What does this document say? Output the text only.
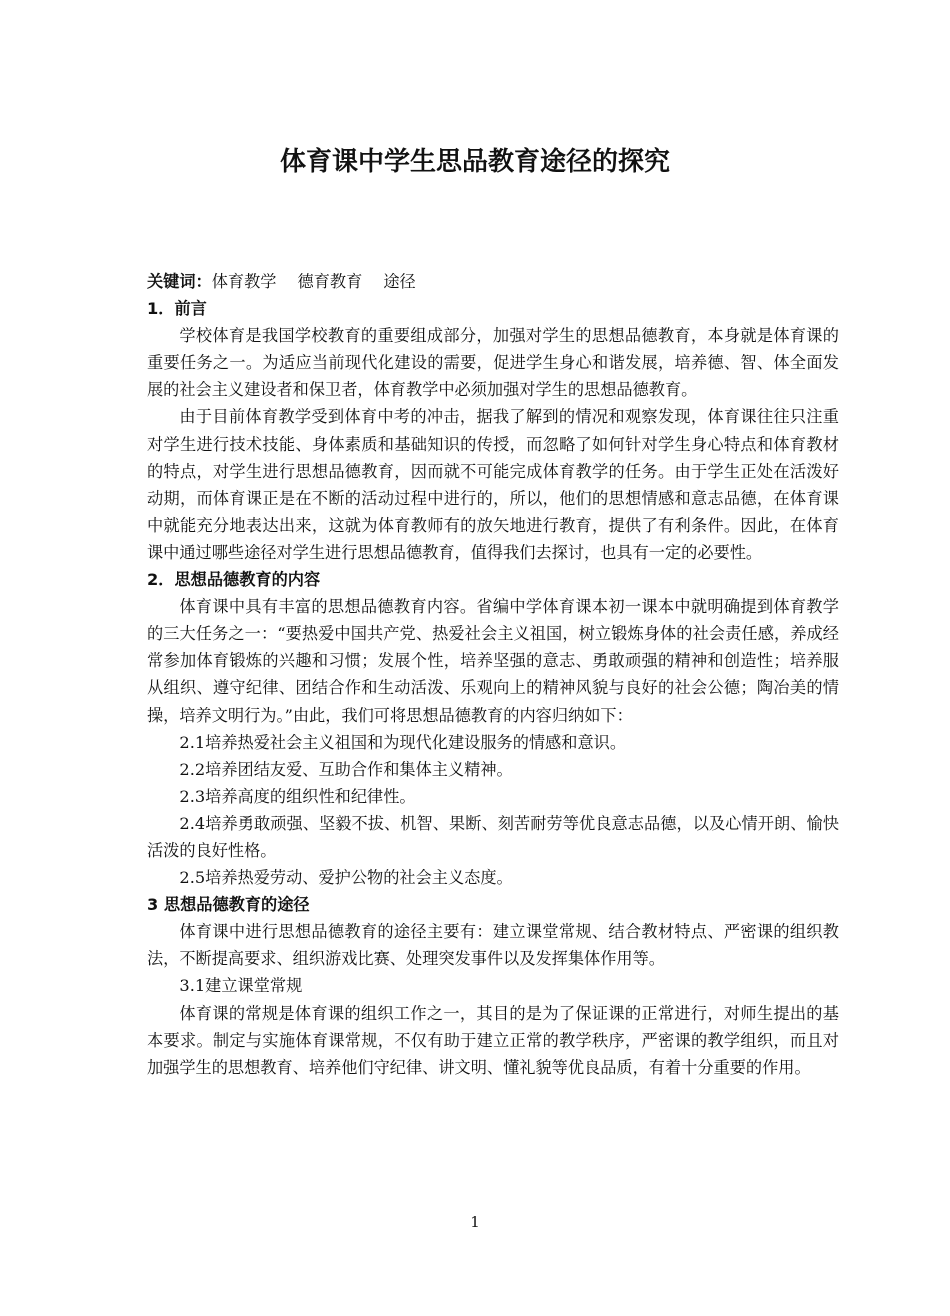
体育课中学生思品教育途径的探究

关键词：体育教学 德育教育 途径

1．前言

学校体育是我国学校教育的重要组成部分，加强对学生的思想品德教育，本身就是体育课的重要任务之一。为适应当前现代化建设的需要，促进学生身心和谐发展，培养德、智、体全面发展的社会主义建设者和保卫者，体育教学中必须加强对学生的思想品德教育。

由于目前体育教学受到体育中考的冲击，据我了解到的情况和观察发现，体育课往往只注重对学生进行技术技能、身体素质和基础知识的传授，而忽略了如何针对学生身心特点和体育教材的特点，对学生进行思想品德教育，因而就不可能完成体育教学的任务。由于学生正处在活泼好动期，而体育课正是在不断的活动过程中进行的，所以，他们的思想情感和意志品德，在体育课中就能充分地表达出来，这就为体育教师有的放矢地进行教育，提供了有利条件。因此，在体育课中通过哪些途径对学生进行思想品德教育，值得我们去探讨，也具有一定的必要性。

2．思想品德教育的内容

体育课中具有丰富的思想品德教育内容。省编中学体育课本初一课本中就明确提到体育教学的三大任务之一：“要热爱中国共产党、热爱社会主义祖国，树立锻炼身体的社会责任感，养成经常参加体育锻炼的兴趣和习惯；发展个性，培养坚强的意志、勇敢顽强的精神和创造性；培养服从组织、遵守纪律、团结合作和生动活泼、乐观向上的精神风貌与良好的社会公德；陶冶美的情操，培养文明行为。”由此，我们可将思想品德教育的内容归纳如下：

2.1培养热爱社会主义祖国和为现代化建设服务的情感和意识。

2.2培养团结友爱、互助合作和集体主义精神。

2.3培养高度的组织性和纪律性。

2.4培养勇敢顽强、坚毅不拔、机智、果断、刻苦耐劳等优良意志品德，以及心情开朗、愉快活泼的良好性格。

2.5培养热爱劳动、爱护公物的社会主义态度。

3 思想品德教育的途径

体育课中进行思想品德教育的途径主要有：建立课堂常规、结合教材特点、严密课的组织教法，不断提高要求、组织游戏比赛、处理突发事件以及发挥集体作用等。

3.1建立课堂常规

体育课的常规是体育课的组织工作之一，其目的是为了保证课的正常进行，对师生提出的基本要求。制定与实施体育课常规，不仅有助于建立正常的教学秩序，严密课的教学组织，而且对加强学生的思想教育、培养他们守纪律、讲文明、懂礼貌等优良品质，有着十分重要的作用。

1
